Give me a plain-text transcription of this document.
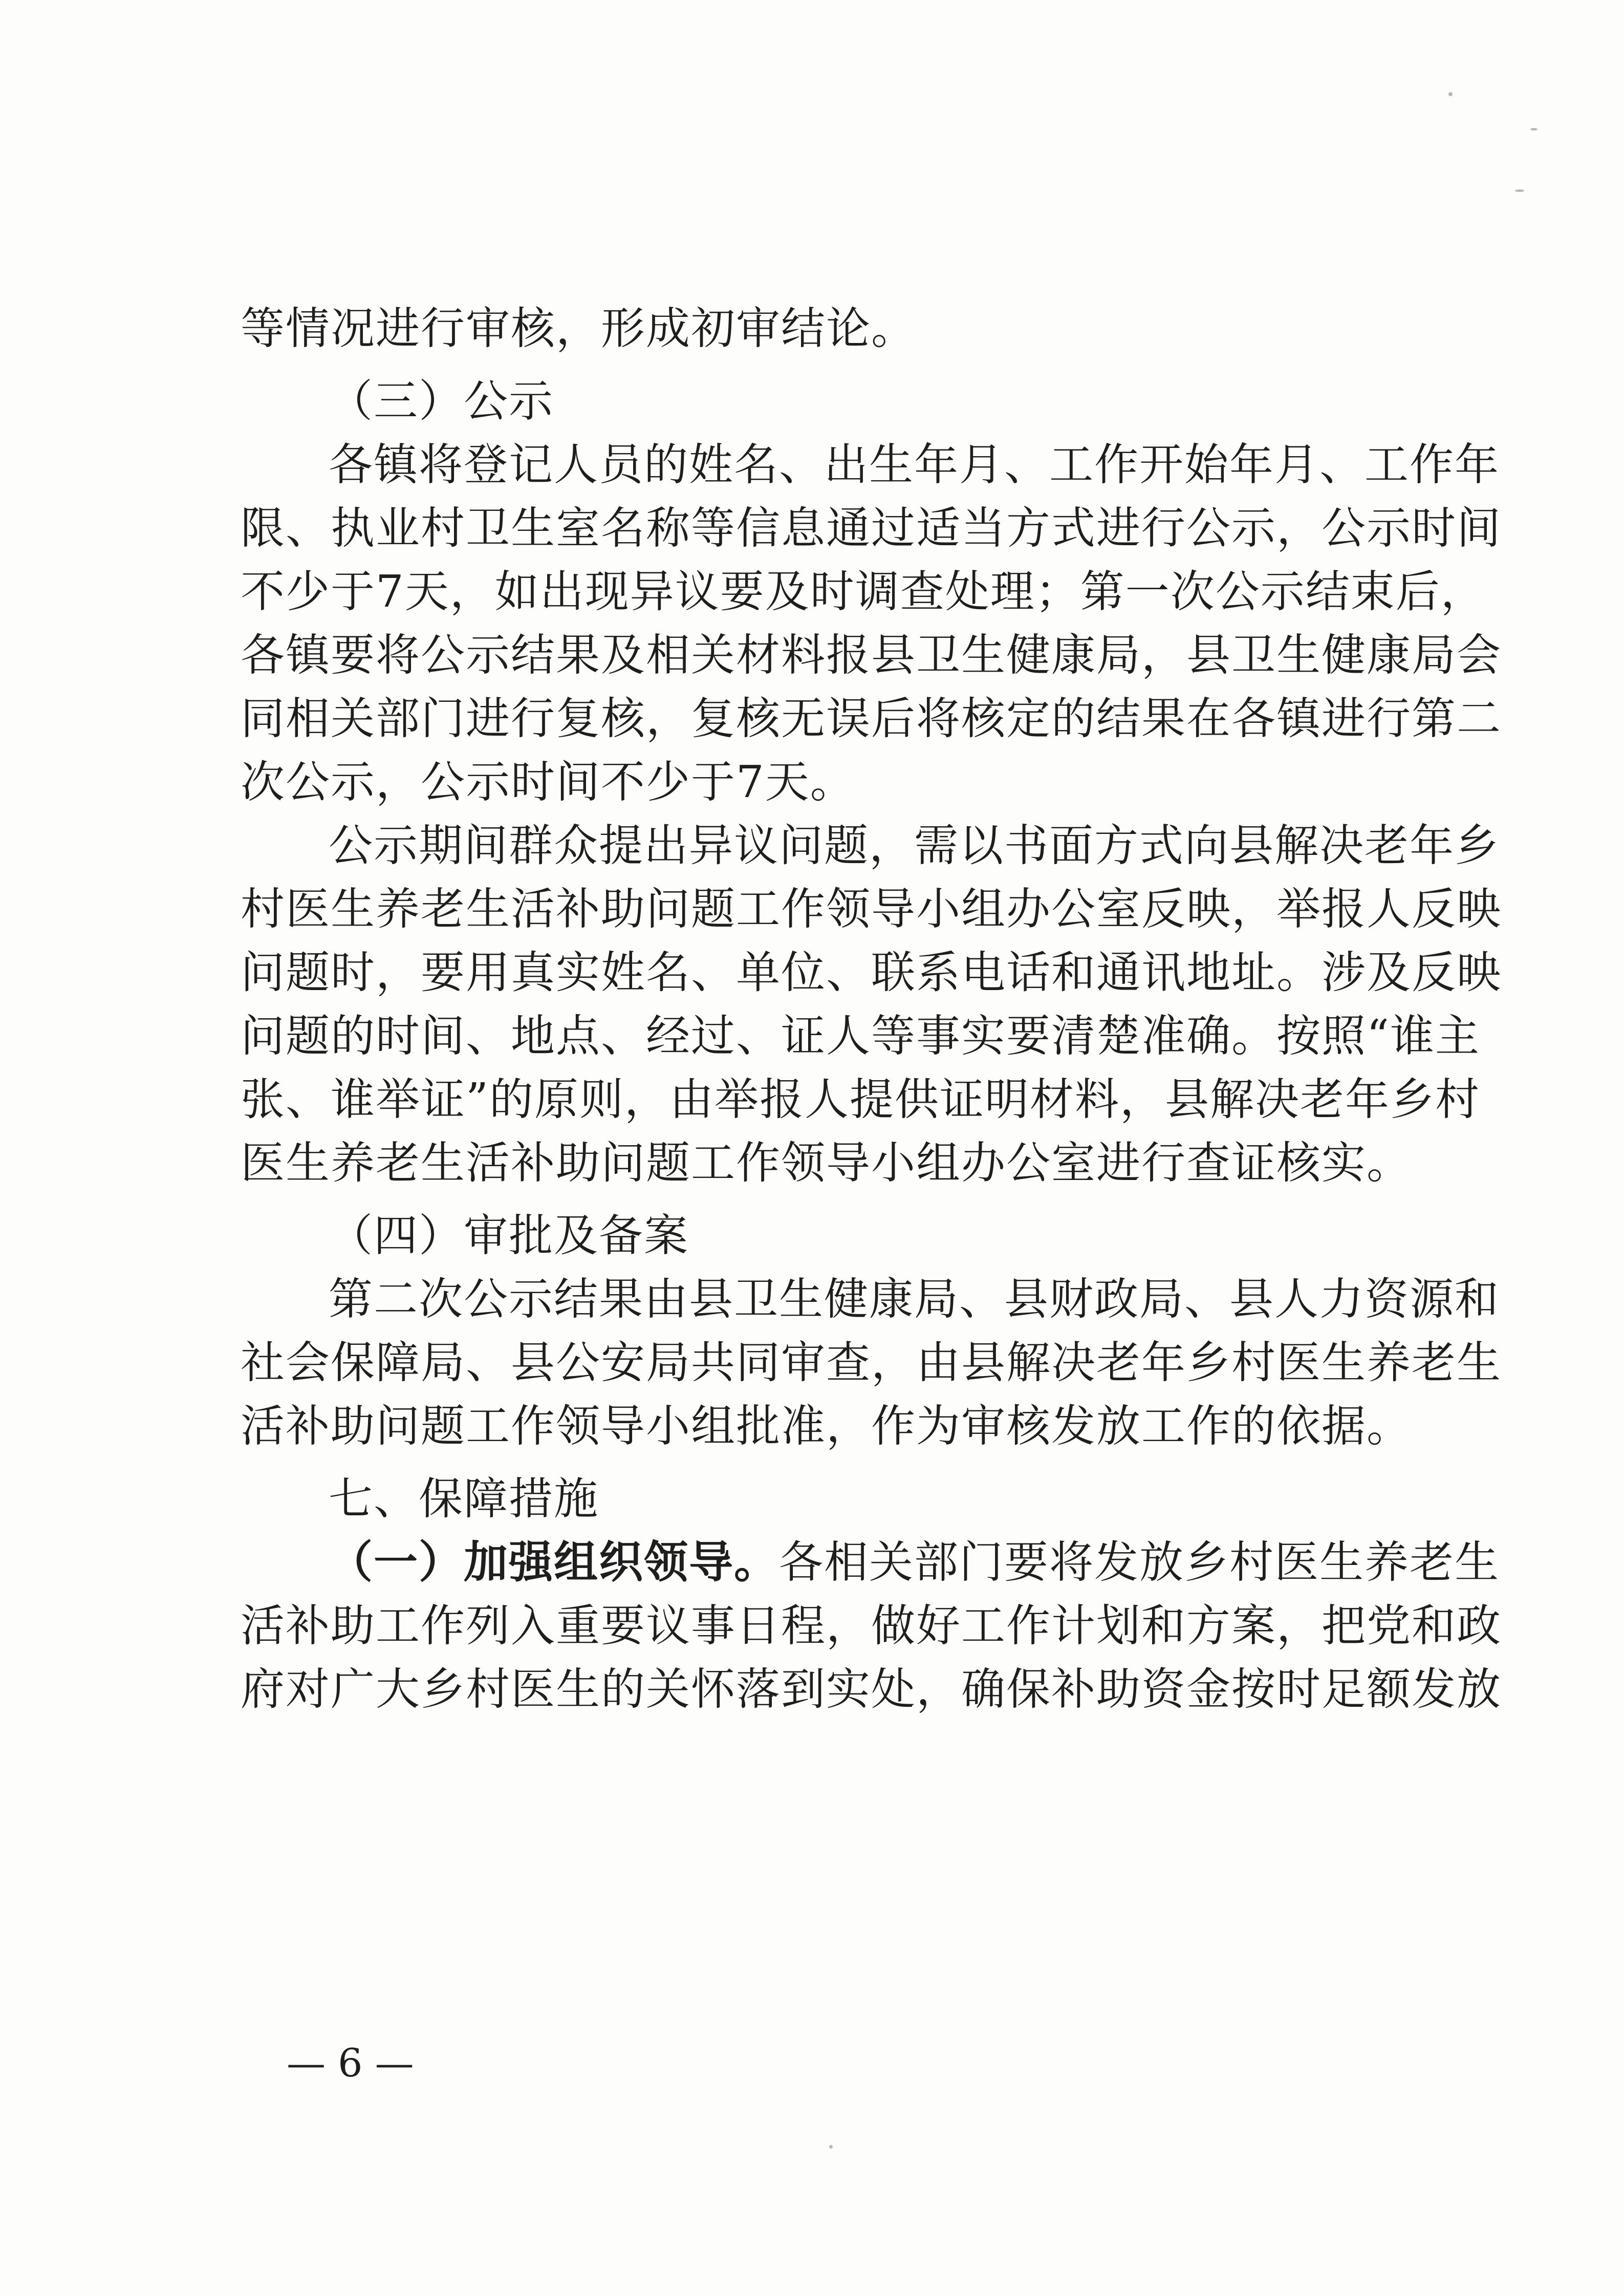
等情况进行审核，形成初审结论。
（三）公示
各镇将登记人员的姓名、出生年月、工作开始年月、工作年
限、执业村卫生室名称等信息通过适当方式进行公示，公示时间
不少于7天，如出现异议要及时调查处理；第一次公示结束后，
各镇要将公示结果及相关材料报县卫生健康局，县卫生健康局会
同相关部门进行复核，复核无误后将核定的结果在各镇进行第二
次公示，公示时间不少于7天。
公示期间群众提出异议问题，需以书面方式向县解决老年乡
村医生养老生活补助问题工作领导小组办公室反映，举报人反映
问题时，要用真实姓名、单位、联系电话和通讯地址。涉及反映
问题的时间、地点、经过、证人等事实要清楚准确。按照“谁主
张、谁举证”的原则，由举报人提供证明材料，县解决老年乡村
医生养老生活补助问题工作领导小组办公室进行查证核实。
（四）审批及备案
第二次公示结果由县卫生健康局、县财政局、县人力资源和
社会保障局、县公安局共同审查，由县解决老年乡村医生养老生
活补助问题工作领导小组批准，作为审核发放工作的依据。
七、保障措施
（一）加强组织领导。各相关部门要将发放乡村医生养老生
活补助工作列入重要议事日程，做好工作计划和方案，把党和政
府对广大乡村医生的关怀落到实处，确保补助资金按时足额发放
— 6 —
